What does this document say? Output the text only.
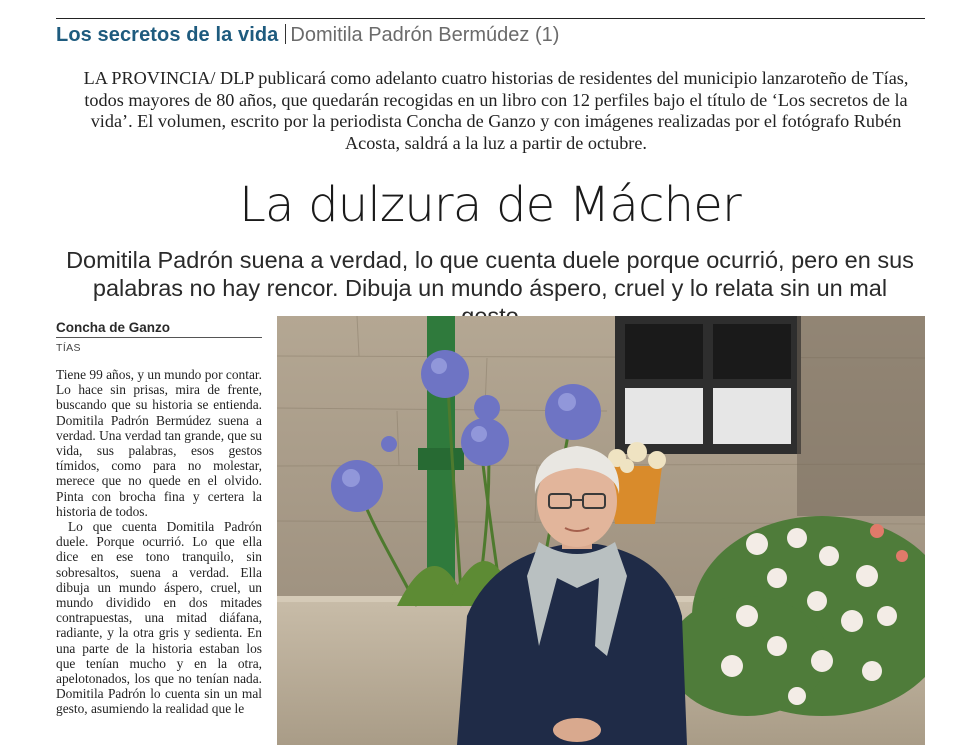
Los secretos de la vida Domitila Padrón Bermúdez (1)
LA PROVINCIA/ DLP publicará como adelanto cuatro historias de residentes del municipio lanzaroteño de Tías, todos mayores de 80 años, que quedarán recogidas en un libro con 12 perfiles bajo el título de ‘Los secretos de la vida’. El volumen, escrito por la periodista Concha de Ganzo y con imágenes realizadas por el fotógrafo Rubén Acosta, saldrá a la luz a partir de octubre.
La dulzura de Mácher
Domitila Padrón suena a verdad, lo que cuenta duele porque ocurrió, pero en sus palabras no hay rencor. Dibuja un mundo áspero, cruel y lo relata sin un mal
Concha de Ganzo
TÍAS

Tiene 99 años, y un mundo por contar. Lo hace sin prisas, mira de frente, buscando que su historia se entienda. Domitila Padrón Bermúdez suena a verdad. Una verdad tan grande, que su vida, sus palabras, esos gestos tímidos, como para no molestar, merece que no quede en el olvido. Pinta con brocha fina y certera la historia de todos.

Lo que cuenta Domitila Padrón duele. Porque ocurrió. Lo que ella dice en ese tono tranquilo, sin sobresaltos, suena a verdad. Ella dibuja un mundo áspero, cruel, un mundo dividido en dos mitades contrapuestas, una mitad diáfana, radiante, y la otra gris y sedienta. En una parte de la historia estaban los que tenían mucho y en la otra, apelotonados, los que no tenían nada. Domitila Padrón lo cuenta sin un mal gesto, asumiendo la realidad que le
